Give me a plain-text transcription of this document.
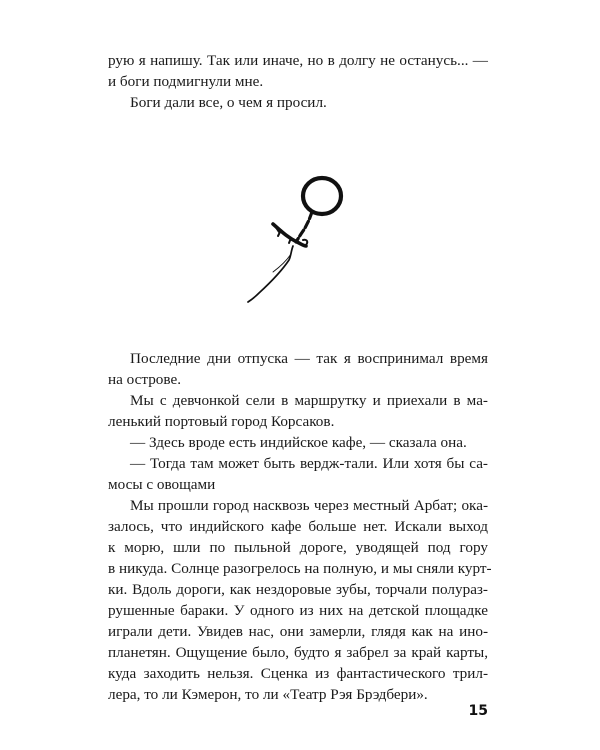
рую я напишу. Так или иначе, но в долгу не останусь... —
и боги подмигнули мне.
Боги дали все, о чем я просил.
Последние дни отпуска — так я воспринимал время
на острове.
Мы с девчонкой сели в маршрутку и приехали в ма-
ленький портовый город Корсаков.
— Здесь вроде есть индийское кафе, — сказала она.
— Тогда там может быть вердж-тали. Или хотя бы са-
мосы с овощами
Мы прошли город насквозь через местный Арбат; ока-
залось, что индийского кафе больше нет. Искали выход
к морю, шли по пыльной дороге, уводящей под гору
в никуда. Солнце разогрелось на полную, и мы сняли курт-
ки. Вдоль дороги, как нездоровые зубы, торчали полураз-
рушенные бараки. У одного из них на детской площадке
играли дети. Увидев нас, они замерли, глядя как на ино-
планетян. Ощущение было, будто я забрел за край карты,
куда заходить нельзя. Сценка из фантастического трил-
лера, то ли Кэмерон, то ли «Театр Рэя Брэдбери».
15
